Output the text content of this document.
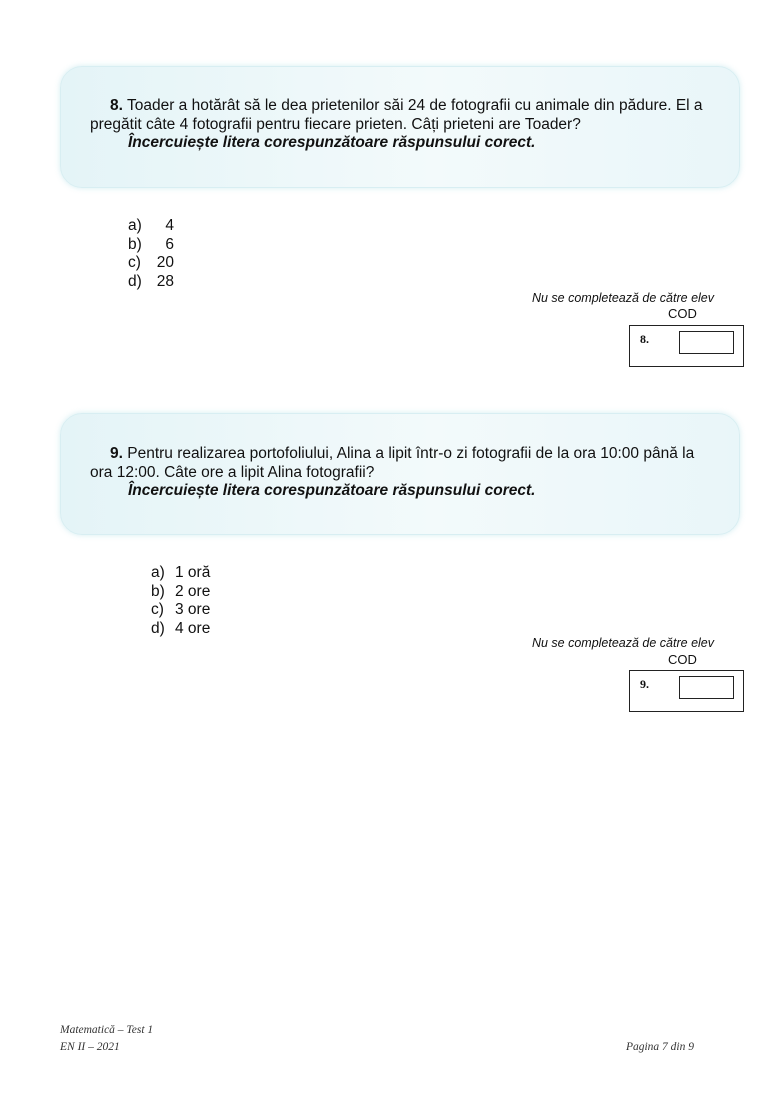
8. Toader a hotărât să le dea prietenilor săi 24 de fotografii cu animale din pădure. El a pregătit câte 4 fotografii pentru fiecare prieten. Câți prieteni are Toader?
Încercuiește litera corespunzătoare răspunsului corect.
a) 4
b) 6
c) 20
d) 28
Nu se completează de către elev
COD
8.
9. Pentru realizarea portofoliului, Alina a lipit într-o zi fotografii de la ora 10:00 până la ora 12:00. Câte ore a lipit Alina fotografii?
Încercuiește litera corespunzătoare răspunsului corect.
a) 1 oră
b) 2 ore
c) 3 ore
d) 4 ore
Nu se completează de către elev
COD
9.
Matematică – Test 1
EN II – 2021	Pagina 7 din 9
